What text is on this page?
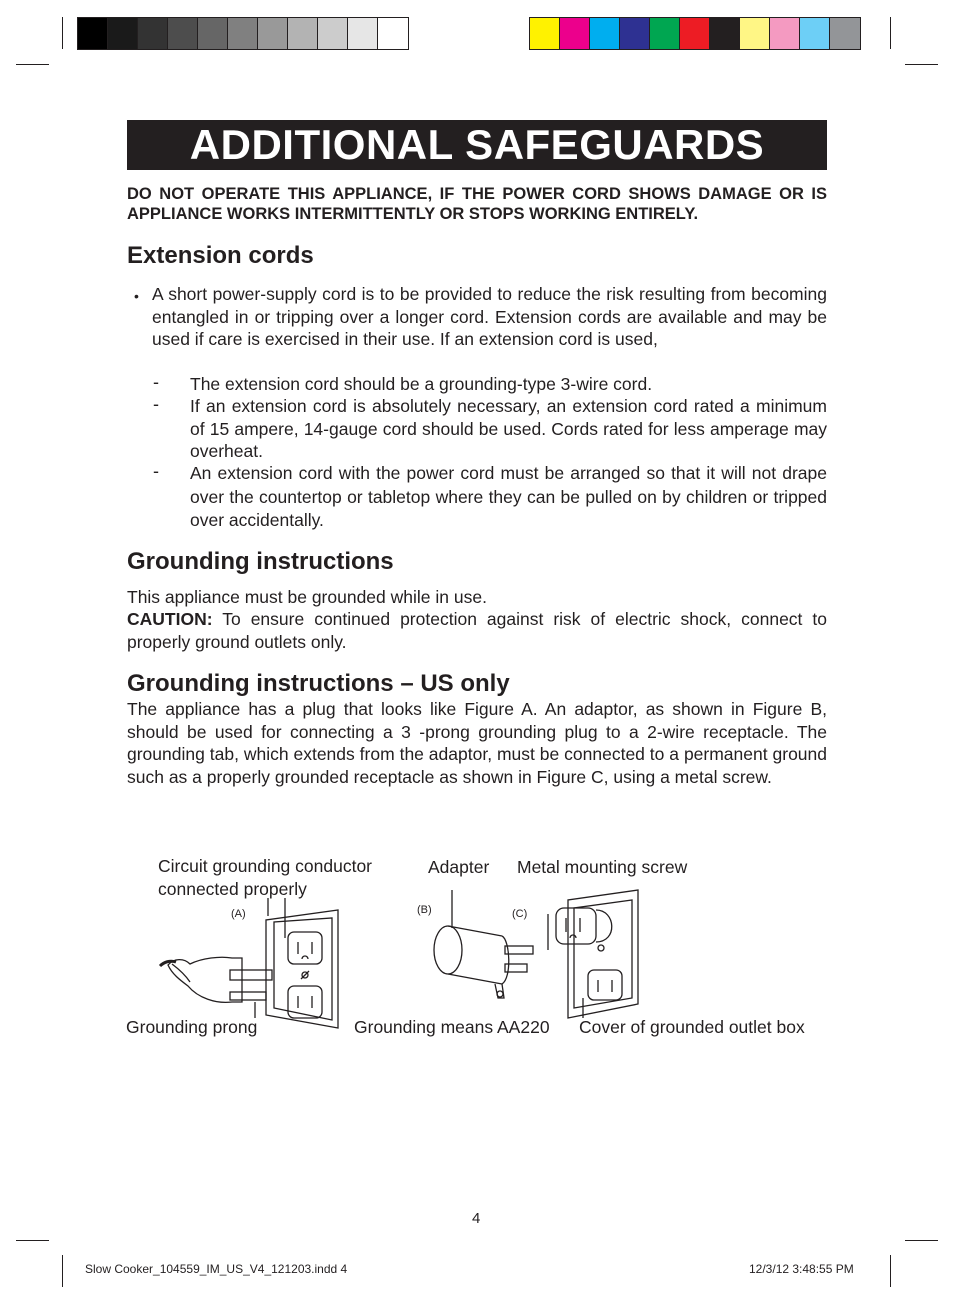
ADDITIONAL SAFEGUARDS
DO NOT OPERATE THIS APPLIANCE, IF THE POWER CORD SHOWS DAMAGE OR IS APPLIANCE WORKS INTERMITTENTLY OR STOPS WORKING ENTIRELY.
Extension cords
• A short power-supply cord is to be provided to reduce the risk resulting from becoming entangled in or tripping over a longer cord. Extension cords are available and may be used if care is exercised in their use. If an extension cord is used,
- The extension cord should be a grounding-type 3-wire cord.
- If an extension cord is absolutely necessary, an extension cord rated a minimum of 15 ampere, 14-gauge cord should be used. Cords rated for less amperage may overheat.
- An extension cord with the power cord must be arranged so that it will not drape over the countertop or tabletop where they can be pulled on by children or tripped over accidentally.
Grounding instructions
This appliance must be grounded while in use.
CAUTION: To ensure continued protection against risk of electric shock, connect to properly ground outlets only.
Grounding instructions – US only
The appliance has a plug that looks like Figure A. An adaptor, as shown in Figure B, should be used for connecting a 3 -prong grounding plug to a 2-wire receptacle. The grounding tab, which extends from the adaptor, must be connected to a permanent ground such as a properly grounded receptacle as shown in Figure C, using a metal screw.
Circuit grounding conductor
connected properly
Adapter Metal mounting screw
(A)	(B)	(C)
Grounding prong	Grounding means AA220 Cover of grounded outlet box
4
Slow Cooker_104559_IM_US_V4_121203.indd 4	12/3/12 3:48:55 PM
